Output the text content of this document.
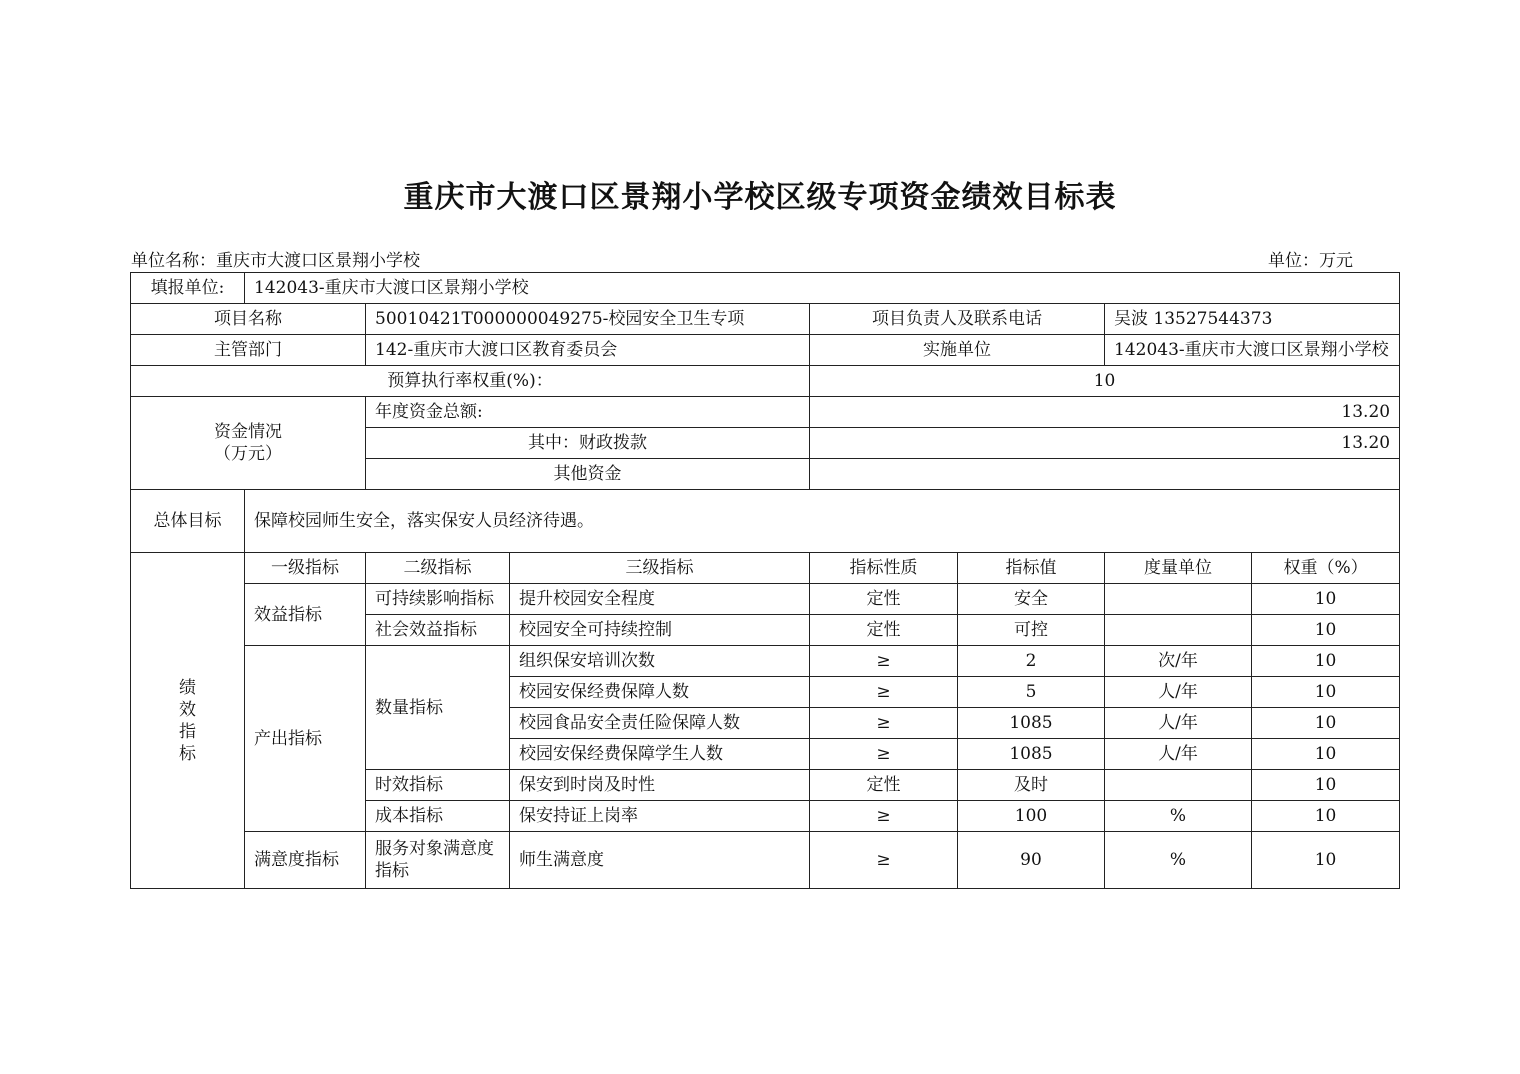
重庆市大渡口区景翔小学校区级专项资金绩效目标表
单位名称：重庆市大渡口区景翔小学校	单位：万元
填报单位:	142043-重庆市大渡口区景翔小学校						
项目名称		50010421T000000049275-校园安全卫生专项		项目负责人及联系电话		吴波 13527544373	
主管部门		142-重庆市大渡口区教育委员会		实施单位		142043-重庆市大渡口区景翔小学校	
预算执行率权重(%)：				10			

资金情况
（万元）		年度资金总额:		13.20			
		其中：财政拨款		13.20			
		其他资金					
总体目标	保障校园师生安全，落实保安人员经济待遇。						

绩
效
指
标	一级指标	二级指标	三级指标	指标性质	指标值	度量单位	权重（%）
	效益指标	可持续影响指标	提升校园安全程度	定性	安全		10
		社会效益指标	校园安全可持续控制	定性	可控		10
	产出指标	数量指标	组织保安培训次数	≥	2	次/年	10
			校园安保经费保障人数	≥	5	人/年	10
			校园食品安全责任险保障人数	≥	1085	人/年	10
			校园安保经费保障学生人数	≥	1085	人/年	10
		时效指标	保安到时岗及时性	定性	及时		10
		成本指标	保安持证上岗率	≥	100	%	10
	满意度指标	服务对象满意度指标	师生满意度	≥	90	%	10
